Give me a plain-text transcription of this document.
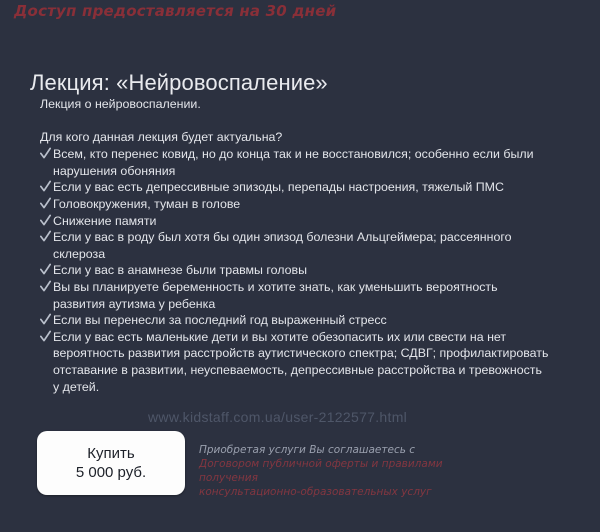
Доступ предоставляется на 30 дней
Лекция: «Нейровоспаление»

Лекция о нейровоспалении.

Для кого данная лекция будет актуальна?

Всем, кто перенес ковид, но до конца так и не восстановился; особенно если были нарушения обоняния
Если у вас есть депрессивные эпизоды, перепады настроения, тяжелый ПМС
Головокружения, туман в голове
Снижение памяти
Если у вас в роду был хотя бы один эпизод болезни Альцгеймера; рассеянного склероза
Если у вас в анамнезе были травмы головы
Вы вы планируете беременность и хотите знать, как уменьшить вероятность развития аутизма у ребенка
Если вы перенесли за последний год выраженный стресс
Если у вас есть маленькие дети и вы хотите обезопасить их или свести на нет вероятность развития расстройств аутистического спектра; СДВГ; профилактировать отставание в развитии, неуспеваемость, депрессивные расстройства и тревожность у детей.
www.kidstaff.com.ua/user-2122577.html
Купить
5 000 руб.
Приобретая услуги Вы соглашаетесь с
Договором публичной оферты и правилами получения
консультационно-образовательных услуг
